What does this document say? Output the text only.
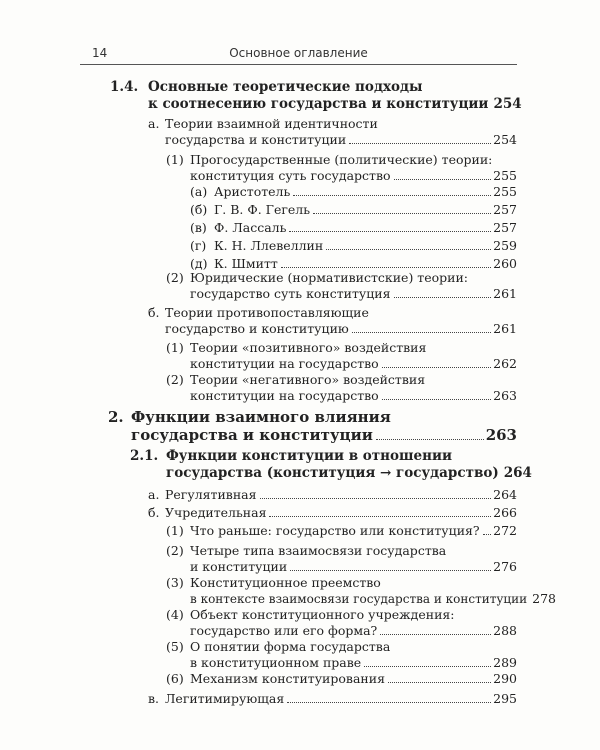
14	Основное оглавление
1.4. Основные теоретические подходы
к соотнесению государства и конституции 254
а. Теории взаимной идентичности
государства и конституции	254
(1) Прогосударственные (политические) теории:
конституция суть государство	255
(а) Аристотель	255
(б) Г. В. Ф. Гегель	257
(в) Ф. Лассаль	257
(г) К. Н. Ллевеллин	259
(д) К. Шмитт	260
(2) Юридические (нормативистские) теории:
государство суть конституция	261
б. Теории противопоставляющие
государство и конституцию	261
(1) Теории «позитивного» воздействия
конституции на государство	262
(2) Теории «негативного» воздействия
конституции на государство	263
2. Функции взаимного влияния
государства и конституции	263
2.1. Функции конституции в отношении
государства (конституция → государство) 264
а. Регулятивная	264
б. Учредительная	266
(1) Что раньше: государство или конституция? 272
(2) Четыре типа взаимосвязи государства
и конституции	276
(3) Конституционное преемство
в контексте взаимосвязи государства и конституции 278
(4) Объект конституционного учреждения:
государство или его форма?	288
(5) О понятии форма государства
в конституционном праве	289
(6) Механизм конституирования	290
в. Легитимирующая	295
